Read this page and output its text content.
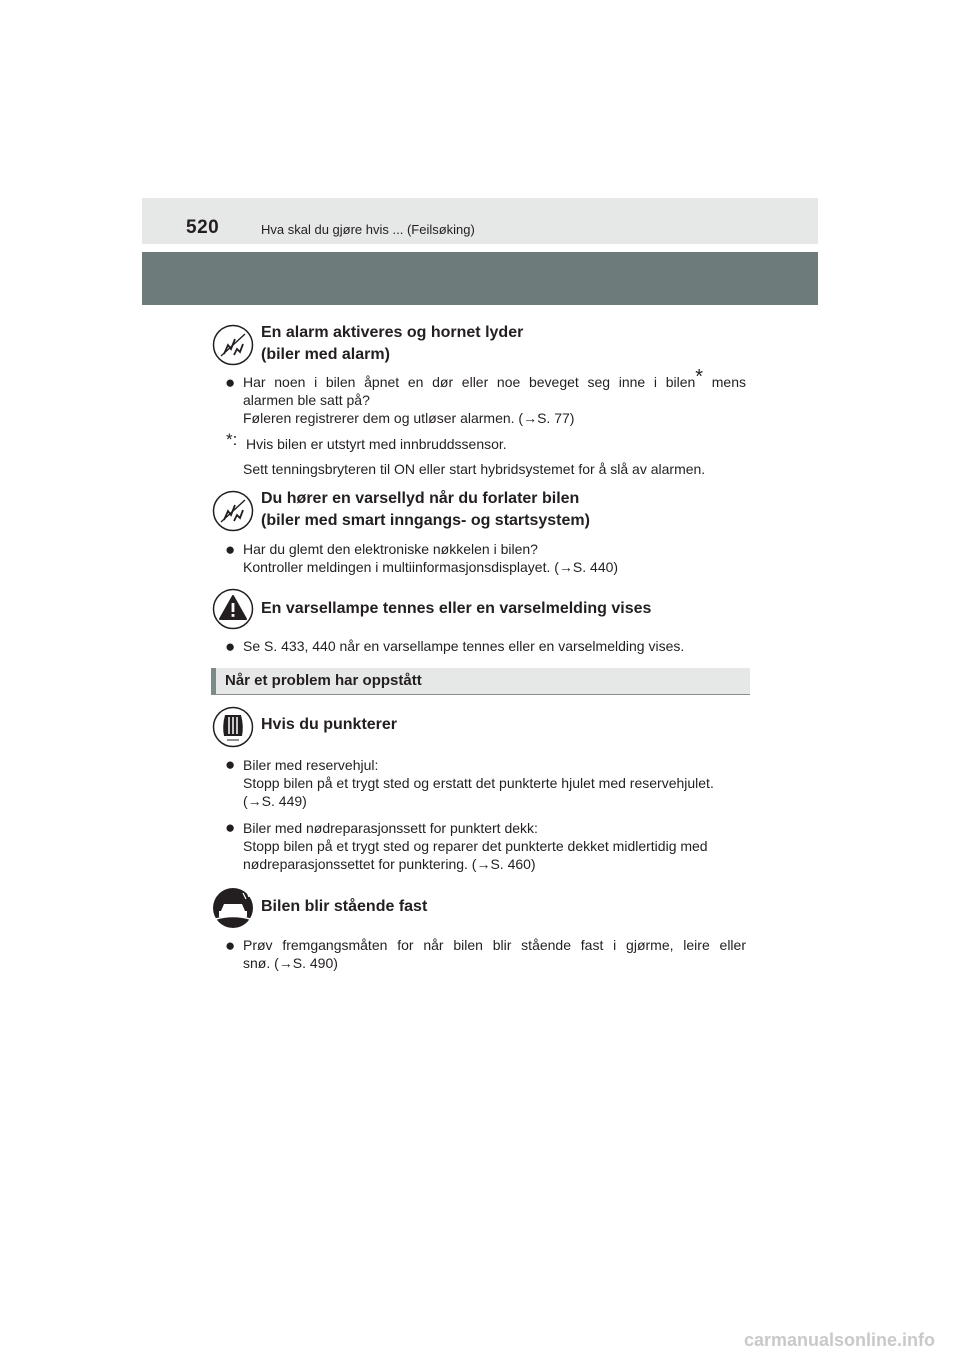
520	Hva skal du gjøre hvis ... (Feilsøking)
En alarm aktiveres og hornet lyder
(biler med alarm)
● Har noen i bilen åpnet en dør eller noe beveget seg inne i bilen* mens
alarmen ble satt på?
Føleren registrerer dem og utløser alarmen. (→S. 77)
*: Hvis bilen er utstyrt med innbruddssensor.
Sett tenningsbryteren til ON eller start hybridsystemet for å slå av alarmen.
Du hører en varsellyd når du forlater bilen
(biler med smart inngangs- og startsystem)
● Har du glemt den elektroniske nøkkelen i bilen?
Kontroller meldingen i multiinformasjonsdisplayet. (→S. 440)
En varsellampe tennes eller en varselmelding vises
● Se S. 433, 440 når en varsellampe tennes eller en varselmelding vises.
Når et problem har oppstått
Hvis du punkterer
● Biler med reservehjul:
Stopp bilen på et trygt sted og erstatt det punkterte hjulet med reservehjulet.
(→S. 449)
● Biler med nødreparasjonssett for punktert dekk:
Stopp bilen på et trygt sted og reparer det punkterte dekket midlertidig med
nødreparasjonssettet for punktering. (→S. 460)
Bilen blir stående fast
● Prøv fremgangsmåten for når bilen blir stående fast i gjørme, leire eller
snø. (→S. 490)
carmanualsonline.info
